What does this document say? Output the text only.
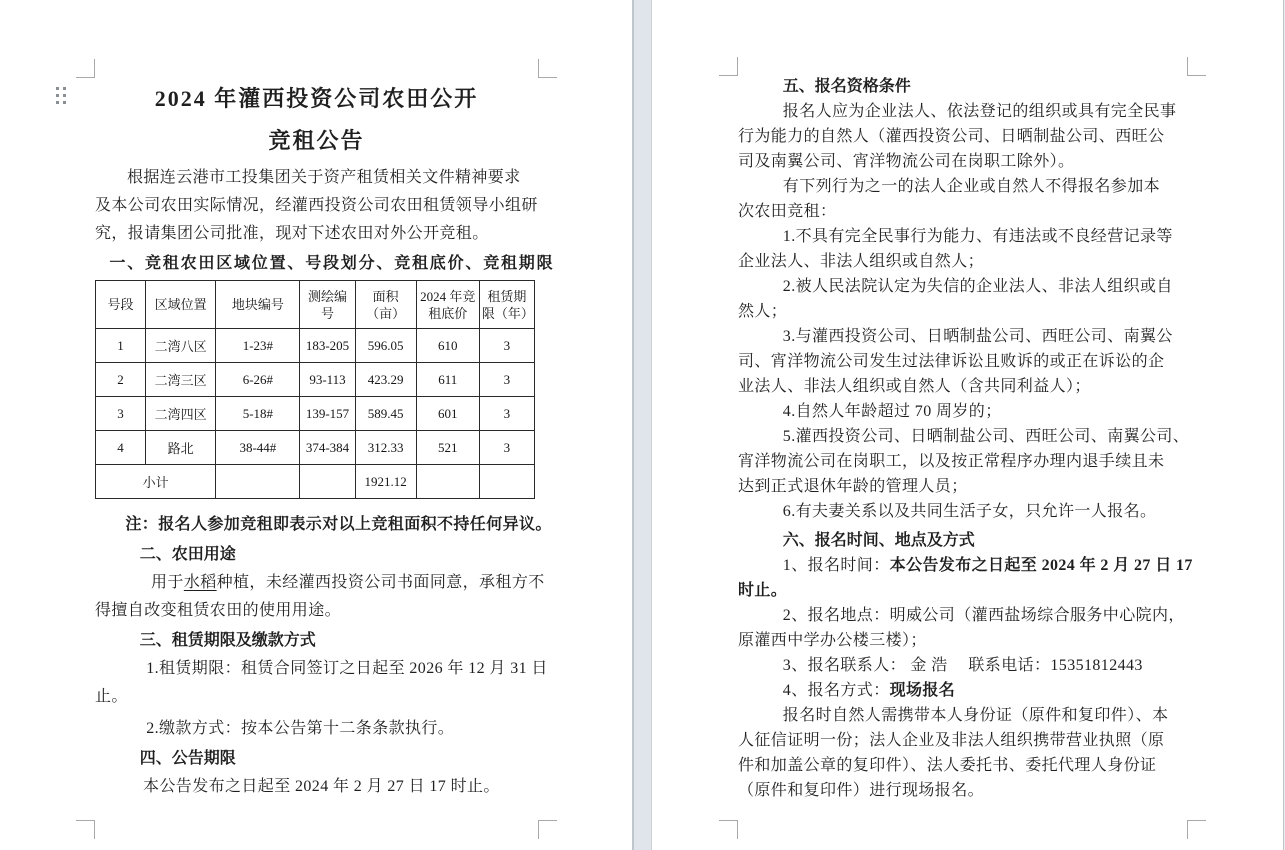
2024 年灌西投资公司农田公开
竞租公告
根据连云港市工投集团关于资产租赁相关文件精神要求
及本公司农田实际情况，经灌西投资公司农田租赁领导小组研
究，报请集团公司批准，现对下述农田对外公开竞租。
一、竞租农田区域位置、号段划分、竞租底价、竞租期限
号段	区域位置	地块编号	测绘编号	面积（亩）	2024 年竞租底价	租赁期限（年）
1	二湾八区	1-23#	183-205	596.05	610	3
2	二湾三区	6-26#	93-113	423.29	611	3
3	二湾四区	5-18#	139-157	589.45	601	3
4	路北	38-44#	374-384	312.33	521	3
小计				1921.12		
注：报名人参加竞租即表示对以上竞租面积不持任何异议。
二、农田用途
用于水稻种植，未经灌西投资公司书面同意，承租方不
得擅自改变租赁农田的使用用途。
三、租赁期限及缴款方式
1.租赁期限：租赁合同签订之日起至 2026 年 12 月 31 日
止。
2.缴款方式：按本公告第十二条条款执行。
四、公告期限
本公告发布之日起至 2024 年 2 月 27 日 17 时止。
五、报名资格条件
报名人应为企业法人、依法登记的组织或具有完全民事
行为能力的自然人（灌西投资公司、日晒制盐公司、西旺公
司及南翼公司、宵洋物流公司在岗职工除外）。
有下列行为之一的法人企业或自然人不得报名参加本
次农田竞租：
1.不具有完全民事行为能力、有违法或不良经营记录等
企业法人、非法人组织或自然人；
2.被人民法院认定为失信的企业法人、非法人组织或自
然人；
3.与灌西投资公司、日晒制盐公司、西旺公司、南翼公
司、宵洋物流公司发生过法律诉讼且败诉的或正在诉讼的企
业法人、非法人组织或自然人（含共同利益人）；
4.自然人年龄超过 70 周岁的；
5.灌西投资公司、日晒制盐公司、西旺公司、南翼公司、
宵洋物流公司在岗职工，以及按正常程序办理内退手续且未
达到正式退休年龄的管理人员；
6.有夫妻关系以及共同生活子女，只允许一人报名。
六、报名时间、地点及方式
1、报名时间：本公告发布之日起至 2024 年 2 月 27 日 17
时止。
2、报名地点：明威公司（灌西盐场综合服务中心院内，
原灌西中学办公楼三楼）；
3、报名联系人： 金 浩　 联系电话：15351812443
4、报名方式：现场报名
报名时自然人需携带本人身份证（原件和复印件）、本
人征信证明一份；法人企业及非法人组织携带营业执照（原
件和加盖公章的复印件）、法人委托书、委托代理人身份证
（原件和复印件）进行现场报名。
